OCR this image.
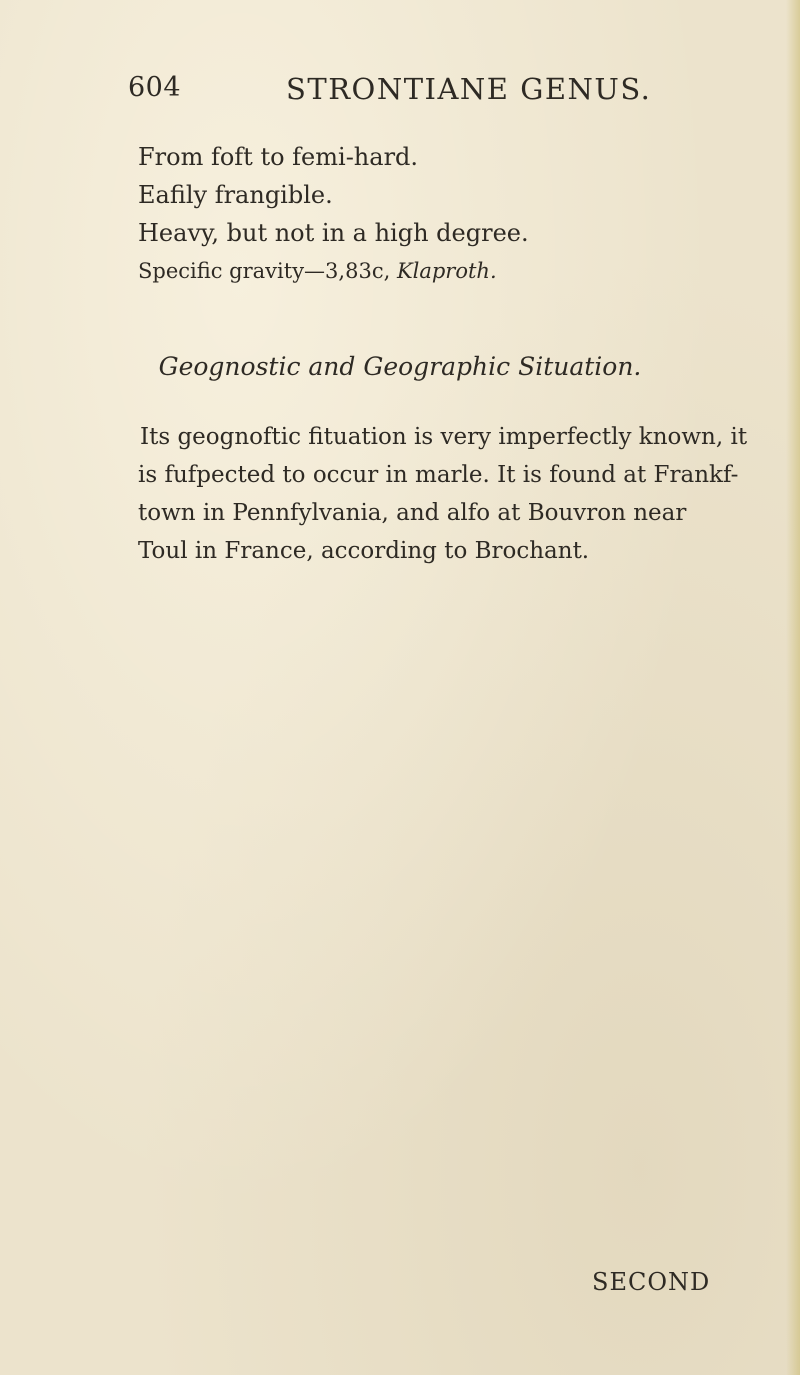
604	STRONTIANE GENUS.
From foft to femi-hard.
Eafily frangible.
Heavy, but not in a high degree.
Specific gravity—3,83c, Klaproth.
Geognostic and Geographic Situation.
Its geognoftic fituation is very imperfectly known, it
is fufpected to occur in marle. It is found at Frankf-
town in Pennfylvania, and alfo at Bouvron near
Toul in France, according to Brochant.
SECOND
